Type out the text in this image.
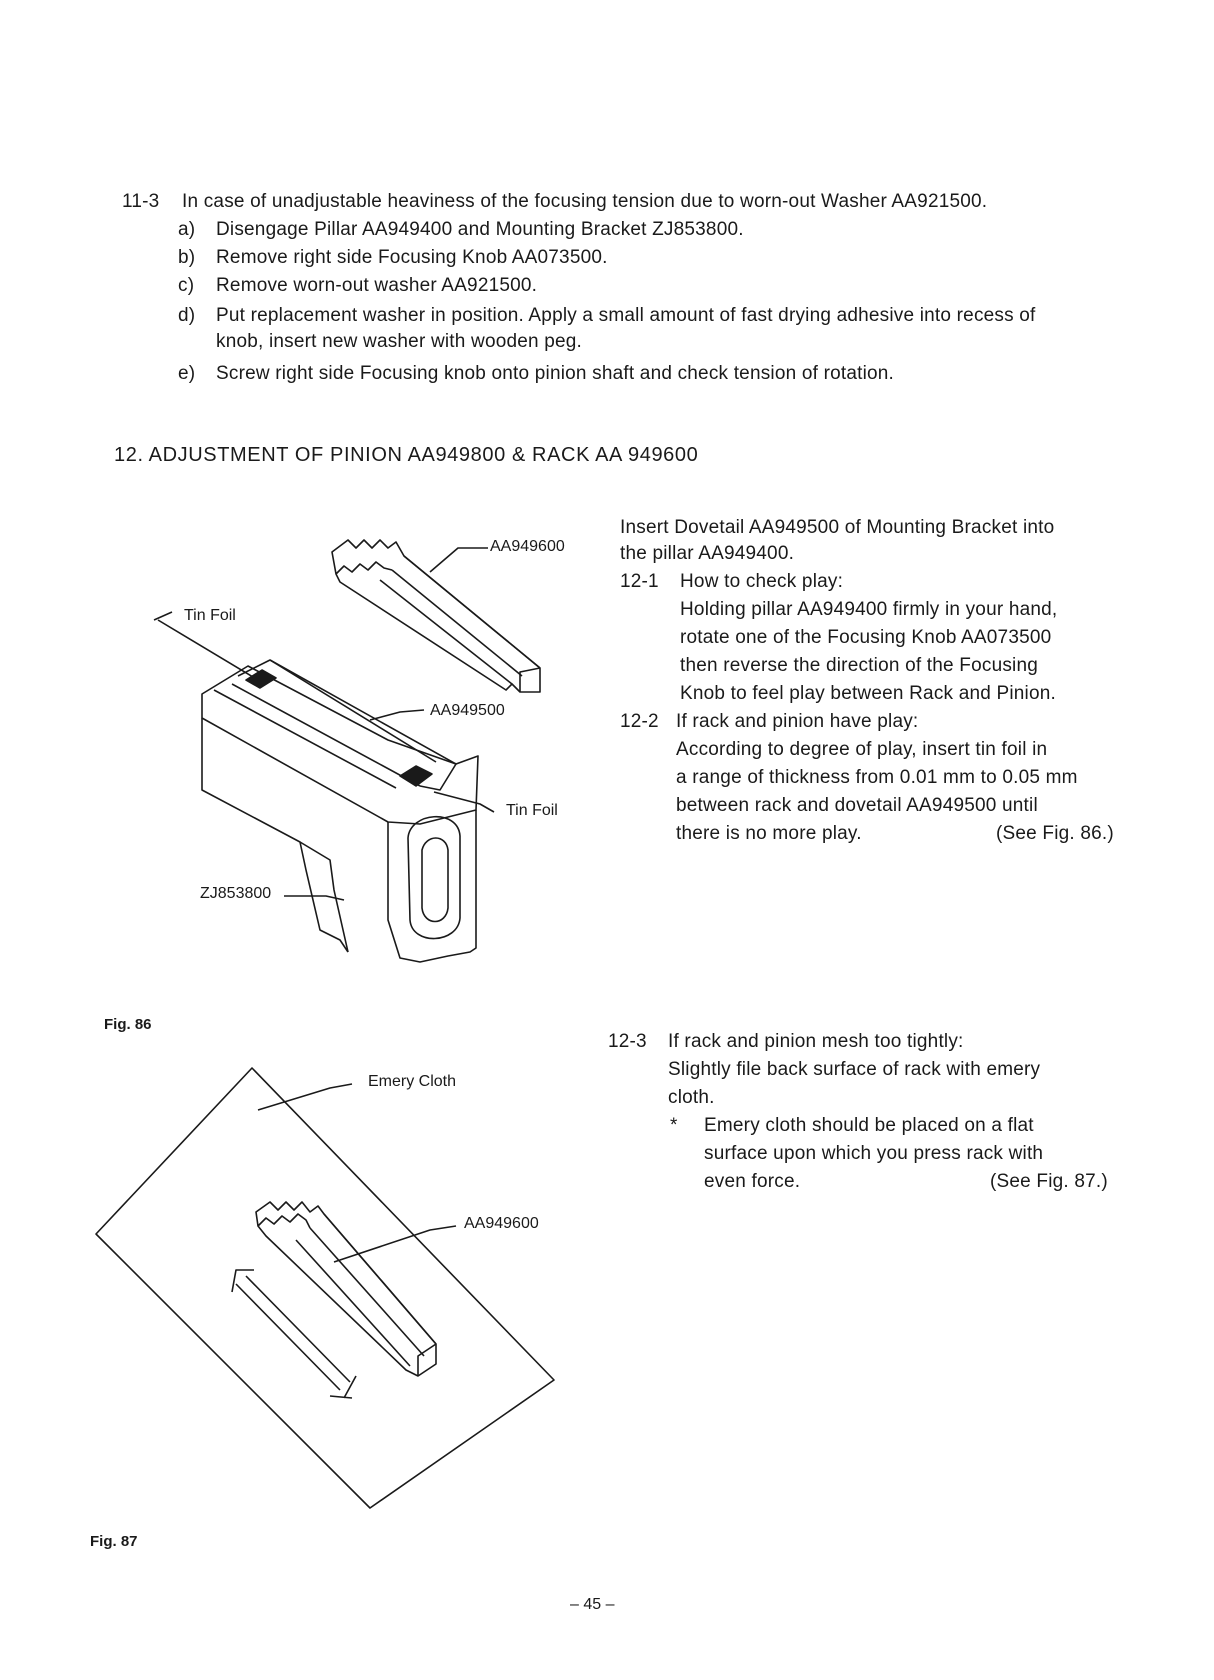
11-3 In case of unadjustable heaviness of the focusing tension due to worn-out Washer AA921500.
a) Disengage Pillar AA949400 and Mounting Bracket ZJ853800.
b) Remove right side Focusing Knob AA073500.
c) Remove worn-out washer AA921500.
d) Put replacement washer in position. Apply a small amount of fast drying adhesive into recess of
knob, insert new washer with wooden peg.
e) Screw right side Focusing knob onto pinion shaft and check tension of rotation.
12. ADJUSTMENT OF PINION AA949800 & RACK AA 949600
Insert Dovetail AA949500 of Mounting Bracket into
the pillar AA949400.
12-1 How to check play:
Holding pillar AA949400 firmly in your hand,
rotate one of the Focusing Knob AA073500
then reverse the direction of the Focusing
Knob to feel play between Rack and Pinion.
12-2 If rack and pinion have play:
According to degree of play, insert tin foil in
a range of thickness from 0.01 mm to 0.05 mm
between rack and dovetail AA949500 until
there is no more play.	(See Fig. 86.)
12-3 If rack and pinion mesh too tightly:
Slightly file back surface of rack with emery
cloth.
* Emery cloth should be placed on a flat
surface upon which you press rack with
even force.	(See Fig. 87.)
AA949600
Tin Foil
AA949500
Tin Foil
ZJ853800
Fig. 86
Emery Cloth
AA949600
Fig. 87
– 45 –
